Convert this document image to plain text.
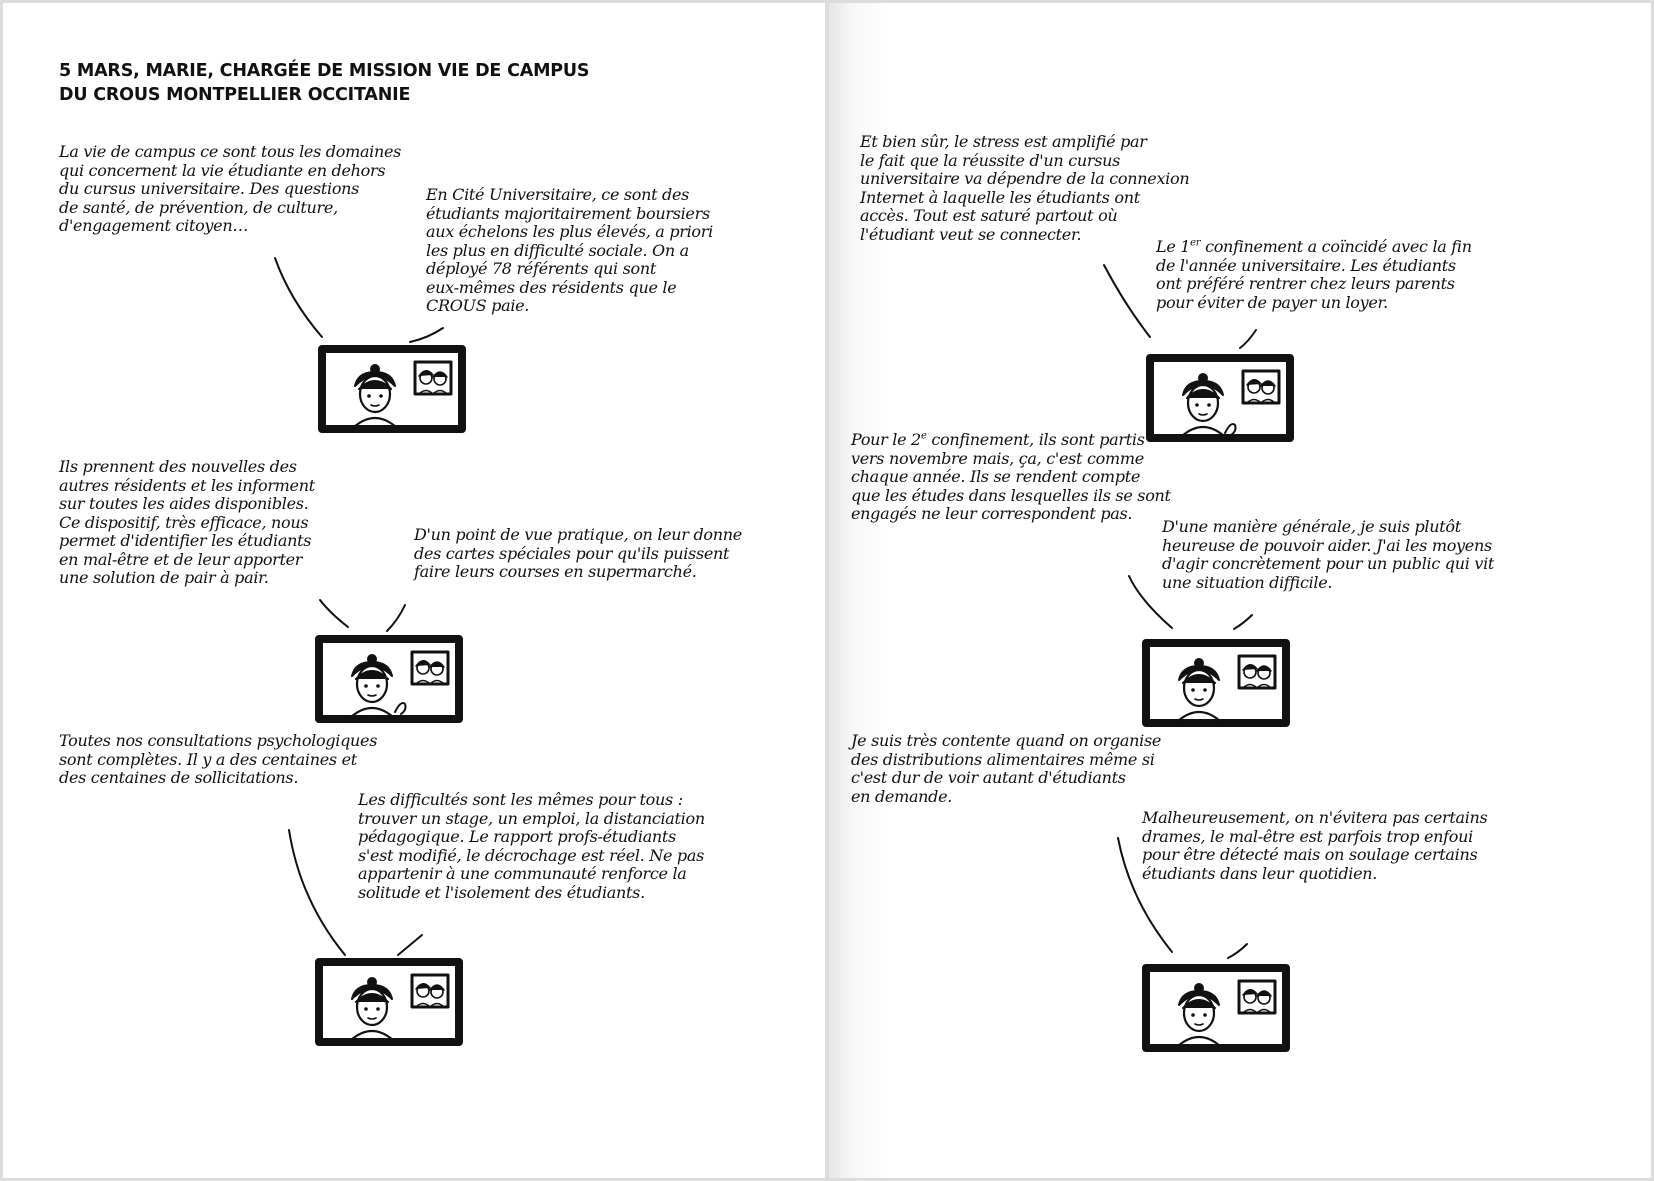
5 MARS, MARIE, CHARGÉE DE MISSION VIE DE CAMPUS
DU CROUS MONTPELLIER OCCITANIE

La vie de campus ce sont tous les domaines
qui concernent la vie étudiante en dehors
du cursus universitaire. Des questions
de santé, de prévention, de culture,
d'engagement citoyen…

En Cité Universitaire, ce sont des
étudiants majoritairement boursiers
aux échelons les plus élevés, a priori
les plus en difficulté sociale. On a
déployé 78 référents qui sont
eux-mêmes des résidents que le
CROUS paie.

Ils prennent des nouvelles des
autres résidents et les informent
sur toutes les aides disponibles.
Ce dispositif, très efficace, nous
permet d'identifier les étudiants
en mal-être et de leur apporter
une solution de pair à pair.

D'un point de vue pratique, on leur donne
des cartes spéciales pour qu'ils puissent
faire leurs courses en supermarché.

Toutes nos consultations psychologiques
sont complètes. Il y a des centaines et
des centaines de sollicitations.

Les difficultés sont les mêmes pour tous :
trouver un stage, un emploi, la distanciation
pédagogique. Le rapport profs-étudiants
s'est modifié, le décrochage est réel. Ne pas
appartenir à une communauté renforce la
solitude et l'isolement des étudiants.

Et bien sûr, le stress est amplifié par
le fait que la réussite d'un cursus
universitaire va dépendre de la connexion
Internet à laquelle les étudiants ont
accès. Tout est saturé partout où
l'étudiant veut se connecter.

Le 1er confinement a coïncidé avec la fin
de l'année universitaire. Les étudiants
ont préféré rentrer chez leurs parents
pour éviter de payer un loyer.

Pour le 2e confinement, ils sont partis
vers novembre mais, ça, c'est comme
chaque année. Ils se rendent compte
que les études dans lesquelles ils se sont
engagés ne leur correspondent pas.

D'une manière générale, je suis plutôt
heureuse de pouvoir aider. J'ai les moyens
d'agir concrètement pour un public qui vit
une situation difficile.

Je suis très contente quand on organise
des distributions alimentaires même si
c'est dur de voir autant d'étudiants
en demande.

Malheureusement, on n'évitera pas certains
drames, le mal-être est parfois trop enfoui
pour être détecté mais on soulage certains
étudiants dans leur quotidien.
